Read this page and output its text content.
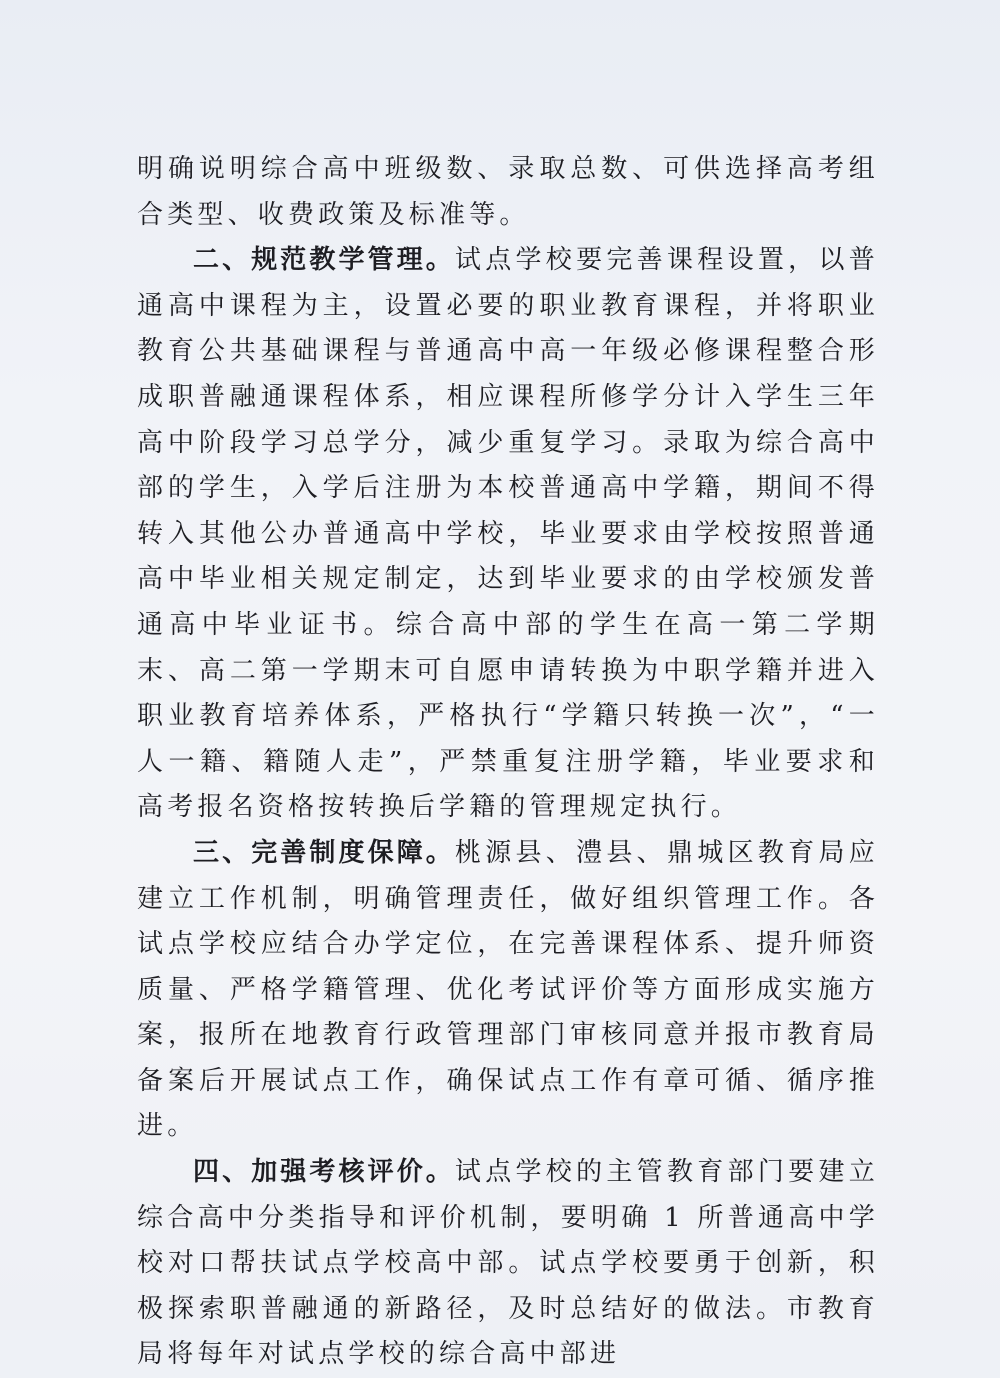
明确说明综合高中班级数、录取总数、可供选择高考组合类型、收费政策及标准等。

二、规范教学管理。试点学校要完善课程设置，以普通高中课程为主，设置必要的职业教育课程，并将职业教育公共基础课程与普通高中高一年级必修课程整合形成职普融通课程体系，相应课程所修学分计入学生三年高中阶段学习总学分，减少重复学习。录取为综合高中部的学生，入学后注册为本校普通高中学籍，期间不得转入其他公办普通高中学校，毕业要求由学校按照普通高中毕业相关规定制定，达到毕业要求的由学校颁发普通高中毕业证书。综合高中部的学生在高一第二学期末、高二第一学期末可自愿申请转换为中职学籍并进入职业教育培养体系，严格执行“学籍只转换一次”，“一人一籍、籍随人走”，严禁重复注册学籍，毕业要求和高考报名资格按转换后学籍的管理规定执行。

三、完善制度保障。桃源县、澧县、鼎城区教育局应建立工作机制，明确管理责任，做好组织管理工作。各试点学校应结合办学定位，在完善课程体系、提升师资质量、严格学籍管理、优化考试评价等方面形成实施方案，报所在地教育行政管理部门审核同意并报市教育局备案后开展试点工作，确保试点工作有章可循、循序推进。

四、加强考核评价。试点学校的主管教育部门要建立综合高中分类指导和评价机制，要明确 1 所普通高中学校对口帮扶试点学校高中部。试点学校要勇于创新，积极探索职普融通的新路径，及时总结好的做法。市教育局将每年对试点学校的综合高中部进
